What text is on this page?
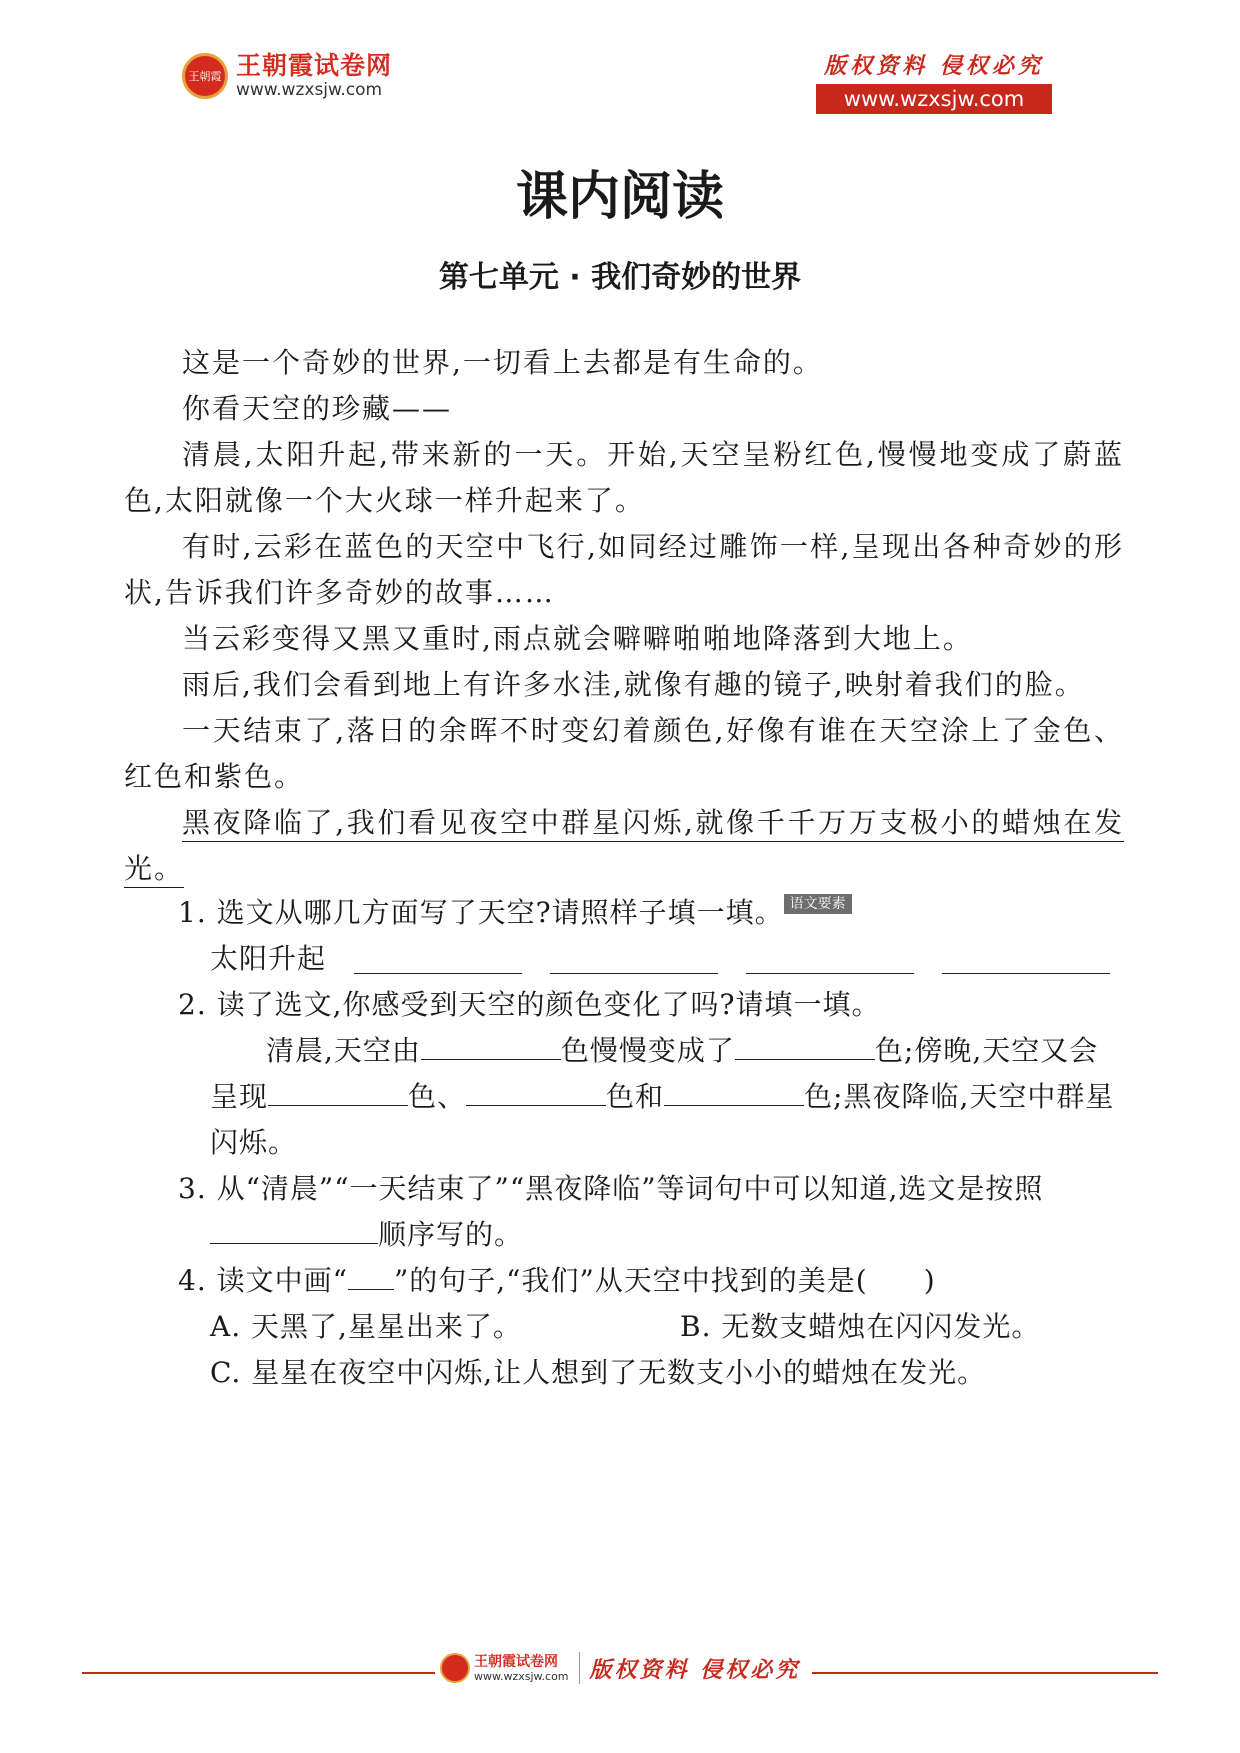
王朝霞 王朝霞试卷网
www.wzxsjw.com
版权资料 侵权必究
www.wzxsjw.com
课内阅读
第七单元 · 我们奇妙的世界

这是一个奇妙的世界,一切看上去都是有生命的。

你看天空的珍藏——

清晨,太阳升起,带来新的一天。开始,天空呈粉红色,慢慢地变成了蔚蓝色,太阳就像一个大火球一样升起来了。

有时,云彩在蓝色的天空中飞行,如同经过雕饰一样,呈现出各种奇妙的形状,告诉我们许多奇妙的故事……

当云彩变得又黑又重时,雨点就会噼噼啪啪地降落到大地上。

雨后,我们会看到地上有许多水洼,就像有趣的镜子,映射着我们的脸。

一天结束了,落日的余晖不时变幻着颜色,好像有谁在天空涂上了金色、红色和紫色。

黑夜降临了,我们看见夜空中群星闪烁,就像千千万万支极小的蜡烛在发光。

1. 选文从哪几方面写了天空?请照样子填一填。 语文要素

太阳升起

2. 读了选文,你感受到天空的颜色变化了吗?请填一填。

清晨,天空由	色慢慢变成了	色;傍晚,天空又会呈现	色、	色和	色;黑夜降临,天空中群星闪烁。

3. 从“清晨”“一天结束了”“黑夜降临”等词句中可以知道,选文是按照

顺序写的。

4. 读文中画“ ”的句子,“我们”从天空中找到的美是( )

A. 天黑了,星星出来了。	B. 无数支蜡烛在闪闪发光。

C. 星星在夜空中闪烁,让人想到了无数支小小的蜡烛在发光。

王朝霞试卷网
www.wzxsjw.com 版权资料 侵权必究
